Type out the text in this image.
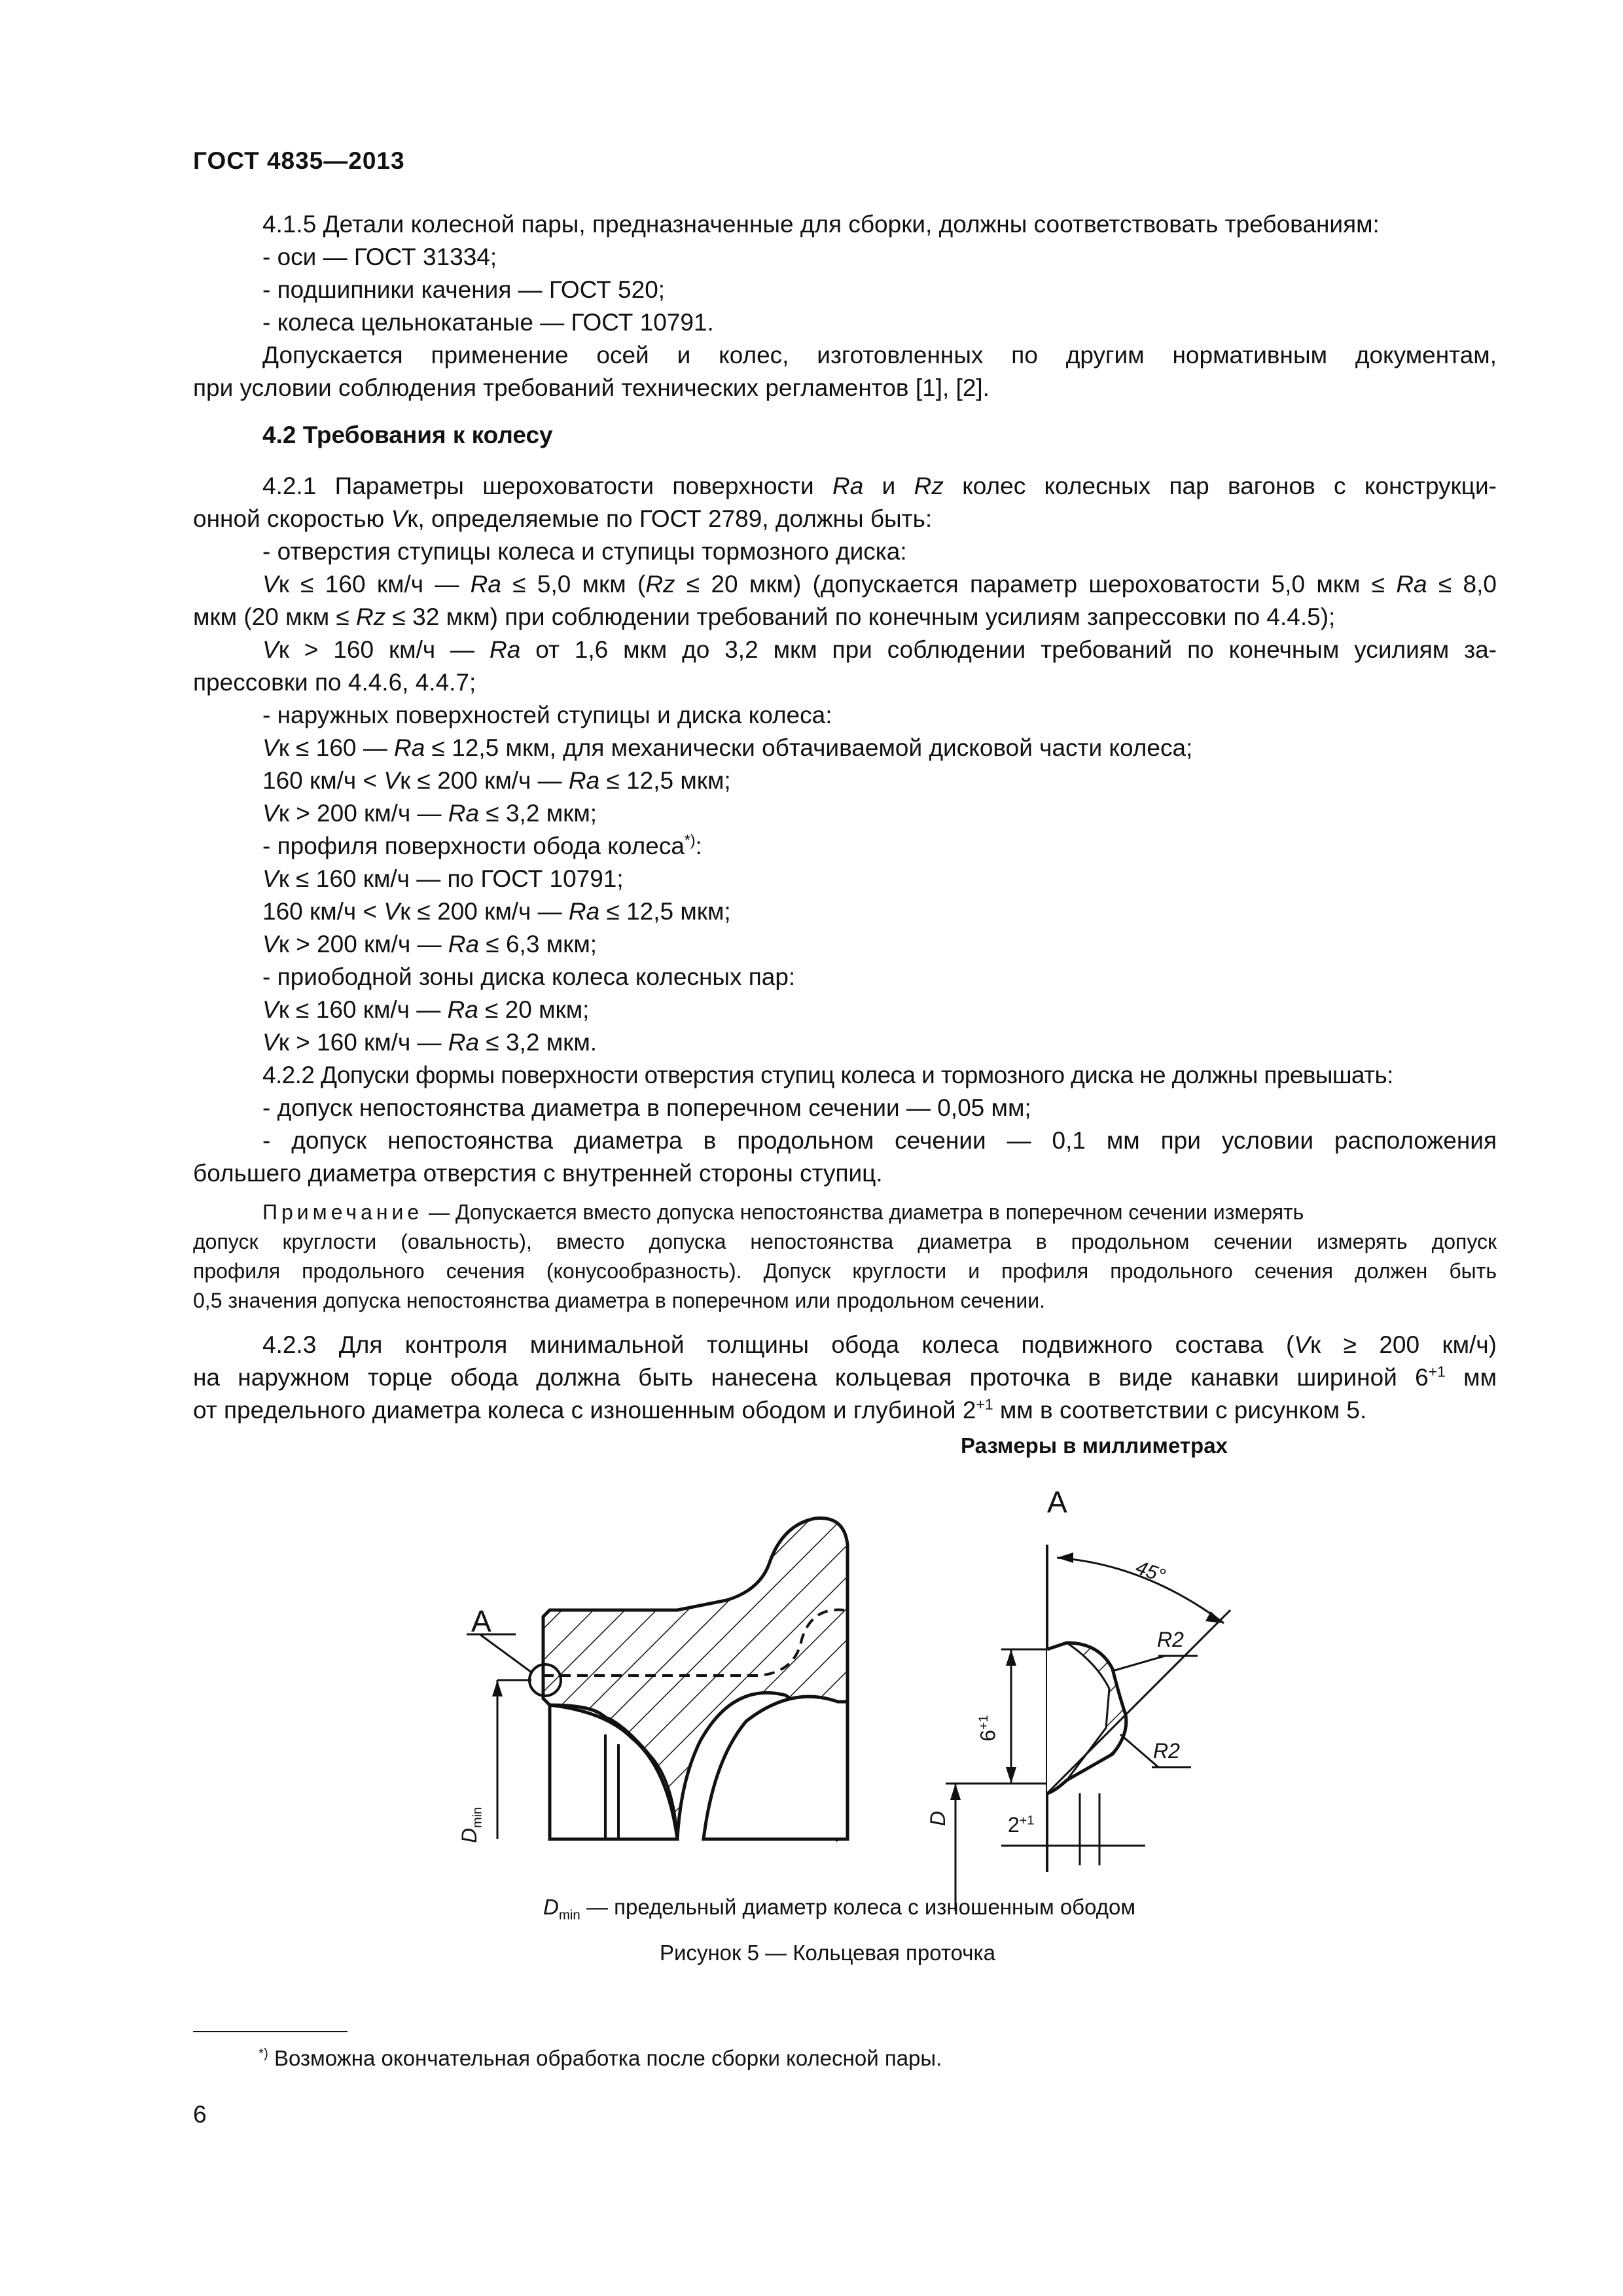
ГОСТ 4835—2013
4.1.5 Детали колесной пары, предназначенные для сборки, должны соответствовать требованиям:
- оси — ГОСТ 31334;
- подшипники качения — ГОСТ 520;
- колеса цельнокатаные — ГОСТ 10791.
Допускается применение осей и колес, изготовленных по другим нормативным документам,
при условии соблюдения требований технических регламентов [1], [2].
4.2 Требования к колесу
4.2.1 Параметры шероховатости поверхности Ra и Rz колес колесных пар вагонов с конструкци-
онной скоростью Vк, определяемые по ГОСТ 2789, должны быть:
- отверстия ступицы колеса и ступицы тормозного диска:
Vк ≤ 160 км/ч — Ra ≤ 5,0 мкм (Rz ≤ 20 мкм) (допускается параметр шероховатости 5,0 мкм ≤ Ra ≤ 8,0
мкм (20 мкм ≤ Rz ≤ 32 мкм) при соблюдении требований по конечным усилиям запрессовки по 4.4.5);
Vк > 160 км/ч — Ra от 1,6 мкм до 3,2 мкм при соблюдении требований по конечным усилиям за-
прессовки по 4.4.6, 4.4.7;
- наружных поверхностей ступицы и диска колеса:
Vк ≤ 160 — Ra ≤ 12,5 мкм, для механически обтачиваемой дисковой части колеса;
160 км/ч < Vк ≤ 200 км/ч — Ra ≤ 12,5 мкм;
Vк > 200 км/ч — Ra ≤ 3,2 мкм;
- профиля поверхности обода колеса*):
Vк ≤ 160 км/ч — по ГОСТ 10791;
160 км/ч < Vк ≤ 200 км/ч — Ra ≤ 12,5 мкм;
Vк > 200 км/ч — Ra ≤ 6,3 мкм;
- приободной зоны диска колеса колесных пар:
Vк ≤ 160 км/ч — Ra ≤ 20 мкм;
Vк > 160 км/ч — Ra ≤ 3,2 мкм.
4.2.2 Допуски формы поверхности отверстия ступиц колеса и тормозного диска не должны превышать:
- допуск непостоянства диаметра в поперечном сечении — 0,05 мм;
- допуск непостоянства диаметра в продольном сечении — 0,1 мм при условии расположения
большего диаметра отверстия с внутренней стороны ступиц.
Примечание — Допускается вместо допуска непостоянства диаметра в поперечном сечении измерять
допуск круглости (овальность), вместо допуска непостоянства диаметра в продольном сечении измерять допуск
профиля продольного сечения (конусообразность). Допуск круглости и профиля продольного сечения должен быть
0,5 значения допуска непостоянства диаметра в поперечном или продольном сечении.
4.2.3 Для контроля минимальной толщины обода колеса подвижного состава (Vк ≥ 200 км/ч)
на наружном торце обода должна быть нанесена кольцевая проточка в виде канавки шириной $6^{+1}$ мм
от предельного диаметра колеса с изношенным ободом и глубиной $2^{+1}$ мм в соответствии с рисунком 5.
Размеры в миллиметрах
A
A
45°
R2
R2
$6^{+1}$
$2^{+1}$
D
$D_{min}$
$D_{min}$ — предельный диаметр колеса с изношенным ободом
Рисунок 5 — Кольцевая проточка
*) Возможна окончательная обработка после сборки колесной пары.
6
